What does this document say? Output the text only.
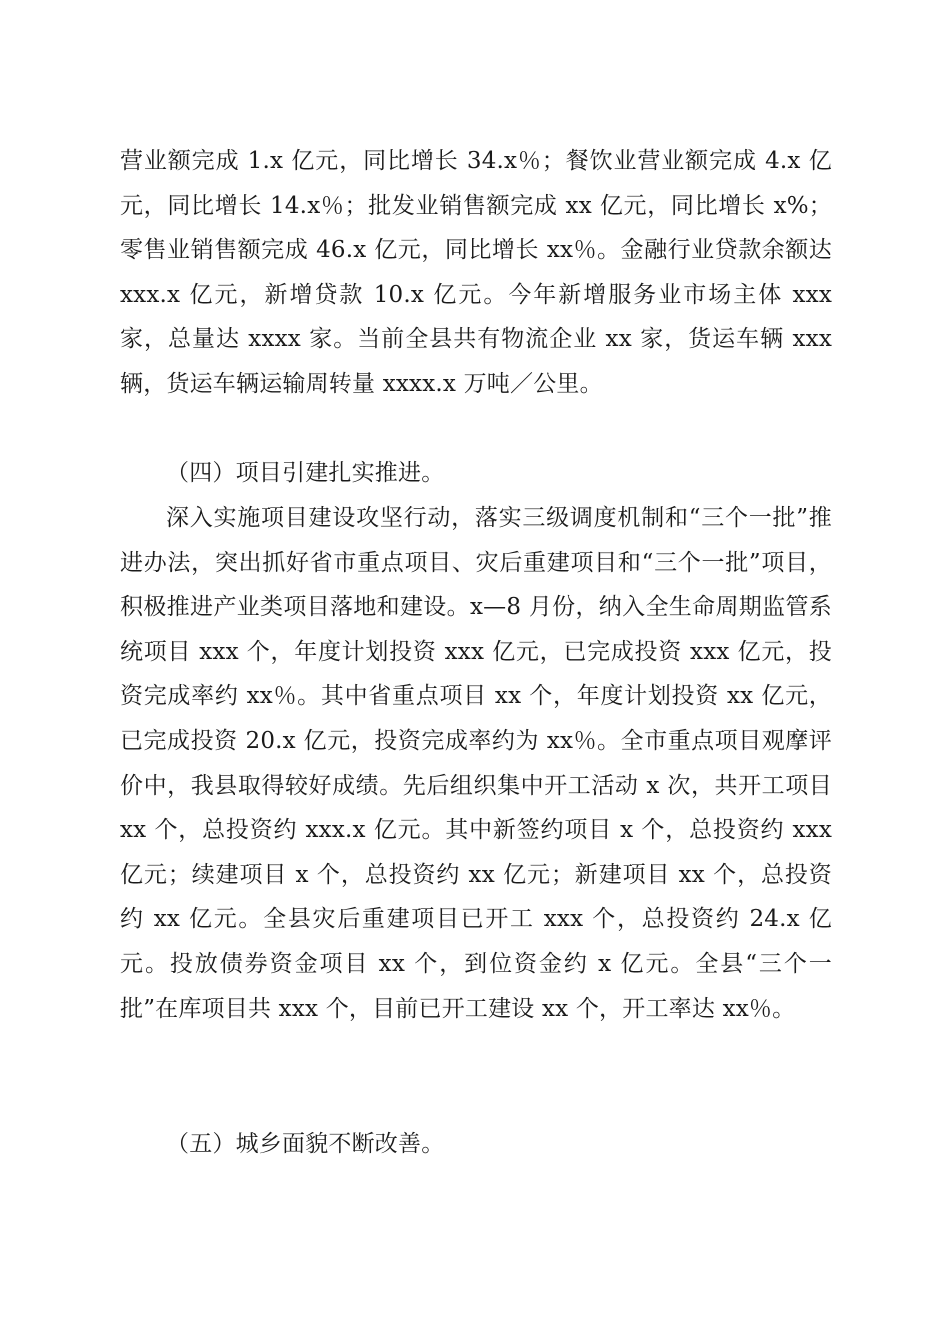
营业额完成 1.x 亿元，同比增长 34.x％；餐饮业营业额完成 4.x 亿元，同比增长 14.x％；批发业销售额完成 xx 亿元，同比增长 x%；零售业销售额完成 46.x 亿元，同比增长 xx％。金融行业贷款余额达 xxx.x 亿元，新增贷款 10.x 亿元。今年新增服务业市场主体 xxx 家，总量达 xxxx 家。当前全县共有物流企业 xx 家，货运车辆 xxx 辆，货运车辆运输周转量 xxxx.x 万吨／公里。

（四）项目引建扎实推进。

深入实施项目建设攻坚行动，落实三级调度机制和“三个一批”推进办法，突出抓好省市重点项目、灾后重建项目和“三个一批”项目，积极推进产业类项目落地和建设。x—8 月份，纳入全生命周期监管系统项目 xxx 个，年度计划投资 xxx 亿元，已完成投资 xxx 亿元，投资完成率约 xx％。其中省重点项目 xx 个，年度计划投资 xx 亿元，已完成投资 20.x 亿元，投资完成率约为 xx％。全市重点项目观摩评价中，我县取得较好成绩。先后组织集中开工活动 x 次，共开工项目 xx 个，总投资约 xxx.x 亿元。其中新签约项目 x 个，总投资约 xxx 亿元；续建项目 x 个，总投资约 xx 亿元；新建项目 xx 个，总投资约 xx 亿元。全县灾后重建项目已开工 xxx 个，总投资约 24.x 亿元。投放债券资金项目 xx 个，到位资金约 x 亿元。全县“三个一批”在库项目共 xxx 个，目前已开工建设 xx 个，开工率达 xx％。

（五）城乡面貌不断改善。
